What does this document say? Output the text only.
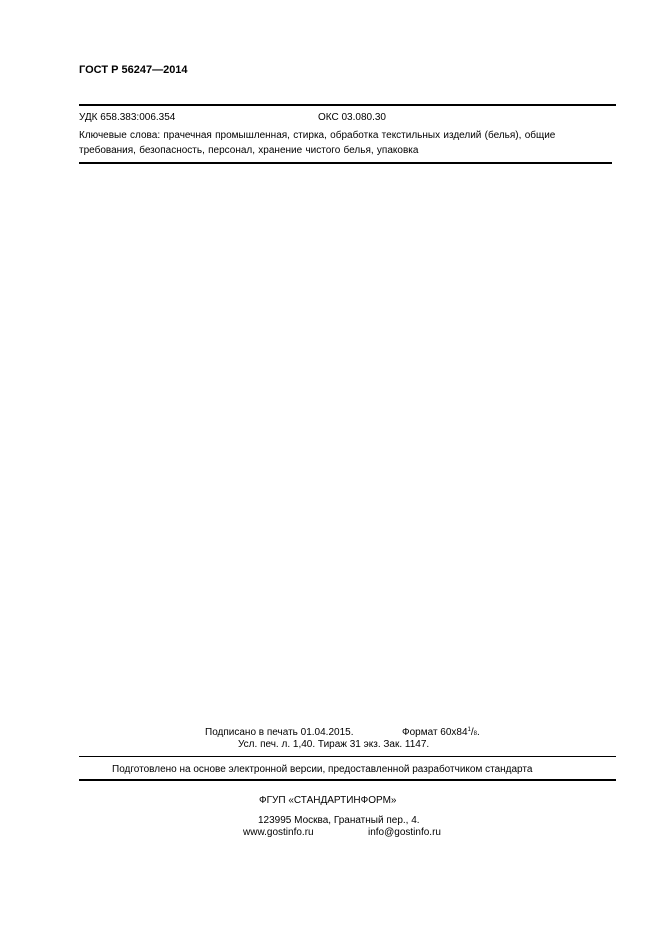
ГОСТ Р 56247—2014
УДК 658.383:006.354	ОКС 03.080.30
Ключевые слова: прачечная промышленная, стирка, обработка текстильных изделий (белья), общие
требования, безопасность, персонал, хранение чистого белья, упаковка
Подписано в печать 01.04.2015.	Формат $60х84^1/8$.
Усл. печ. л. 1,40. Тираж 31 экз. Зак. 1147.
Подготовлено на основе электронной версии, предоставленной разработчиком стандарта
ФГУП «СТАНДАРТИНФОРМ»
123995 Москва, Гранатный пер., 4.
www.gostinfo.ru	info@gostinfo.ru
